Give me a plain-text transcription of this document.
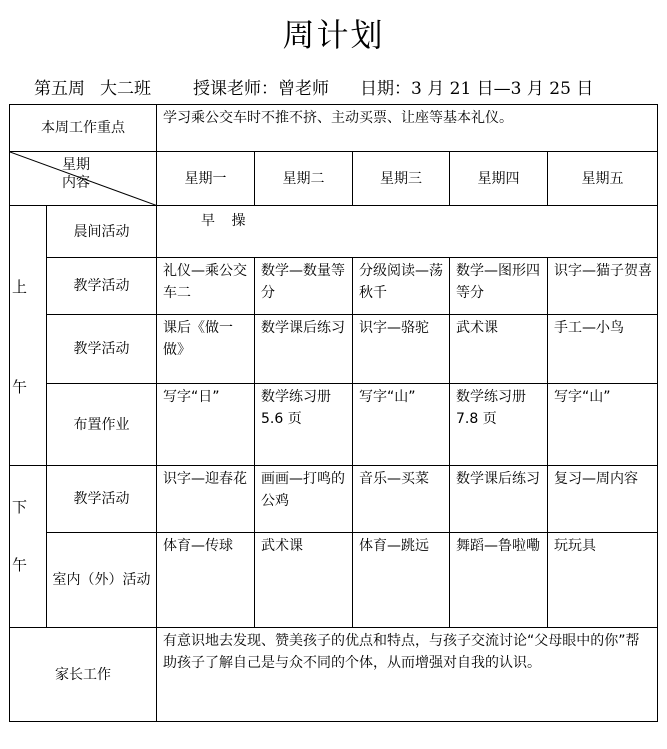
周计划
第五周 大二班 授课老师：曾老师 日期：3 月 21 日—3 月 25 日
本周工作重点		学习乘公交车时不推不挤、主动买票、让座等基本礼仪。				

星期
内容		星期一	星期二	星期三	星期四	星期五

上
午	晨间活动	早 操				
	教学活动	礼仪—乘公交车二	数学—数量等分	分级阅读—荡秋千	数学—图形四等分	识字—猫子贺喜
	教学活动	课后《做一做》	数学课后练习	识字—骆驼	武术课	手工—小鸟
	布置作业	写字“日”	数学练习册 5.6 页	写字“山”	数学练习册 7.8 页	写字“山”

下
午	教学活动	识字—迎春花	画画—打鸣的公鸡	音乐—买菜	数学课后练习	复习—周内容
	室内（外）活动	体育—传球	武术课	体育—跳远	舞蹈—鲁啦嘞	玩玩具
家长工作		有意识地去发现、赞美孩子的优点和特点，与孩子交流讨论“父母眼中的你”帮助孩子了解自己是与众不同的个体，从而增强对自我的认识。				
